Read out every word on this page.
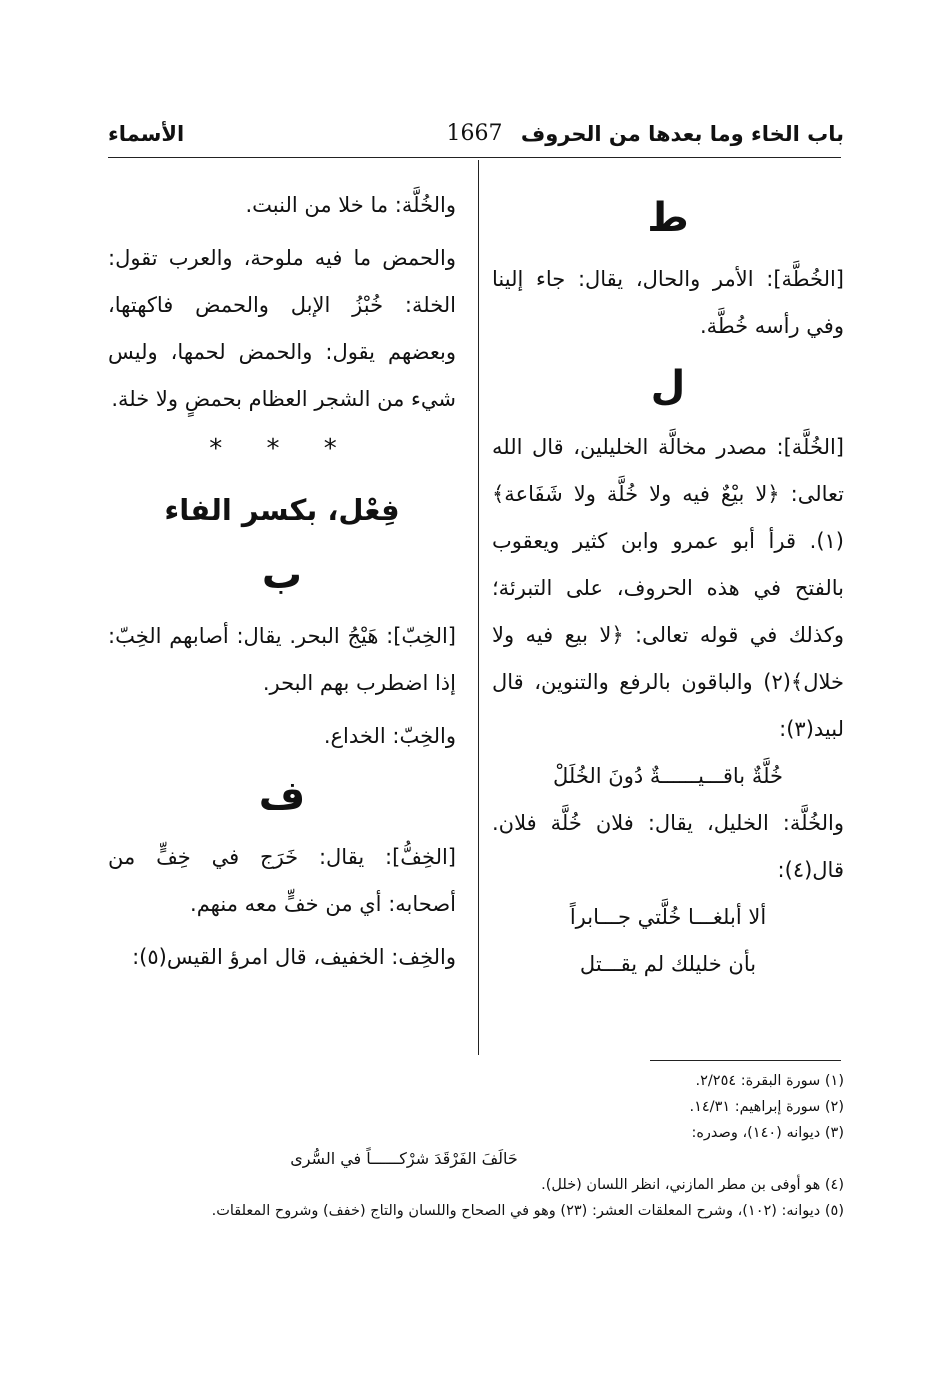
باب الخاء وما بعدها من الحروف
1667
الأسماء
ط

[الخُطَّة]: الأمر والحال، يقال: جاء إلينا وفي رأسه خُطَّة.

ل

[الخُلَّة]: مصدر مخالَّة الخليلين، قال الله تعالى: ﴿لا بيْعٌ فيه ولا خُلَّة ولا شَفَاعة﴾(١). قرأ أبو عمرو وابن كثير ويعقوب بالفتح في هذه الحروف، على التبرئة؛ وكذلك في قوله تعالى: ﴿لا بيع فيه ولا خلال﴾(٢) والباقون بالرفع والتنوين، قال لبيد(٣):

خُلَّةٌ باقـــيــــــةٌ دُونَ الخُلَلْ

والخُلَّة: الخليل، يقال: فلان خُلَّة فلان. قال(٤):

ألا أبلغـــا خُلَّتي جـــابراً

بأن خليلك لم يقـــتل

والخُلَّة: ما خلا من النبت.

والحمض ما فيه ملوحة، والعرب تقول: الخلة: خُبْزُ الإبل والحمض فاكهتها، وبعضهم يقول: والحمض لحمها، وليس شيء من الشجر العظام بحمضٍ ولا خلة.

* * *
فِعْل، بكسر الفاء
ب

[الخِبّ]: هَيْجُ البحر. يقال: أصابهم الخِبّ: إذا اضطرب بهم البحر.

والخِبّ: الخداع.

ف

[الخِفُّ]: يقال: خَرَج في خِفٍّ من أصحابه: أي من خفٍّ معه منهم.

والخِف: الخفيف، قال امرؤ القيس(٥):

(١) سورة البقرة: ٢/٢٥٤.

(٢) سورة إبراهيم: ١٤/٣١.

(٣) ديوانه (١٤٠)، وصدره:

حَالَفَ الفَرْقَدَ شرْكــــــاً في السُّرى

(٤) هو أوفى بن مطر المازني، انظر اللسان (خلل).

(٥) ديوانه: (١٠٢)، وشرح المعلقات العشر: (٢٣) وهو في الصحاح واللسان والتاج (خفف) وشروح المعلقات.
